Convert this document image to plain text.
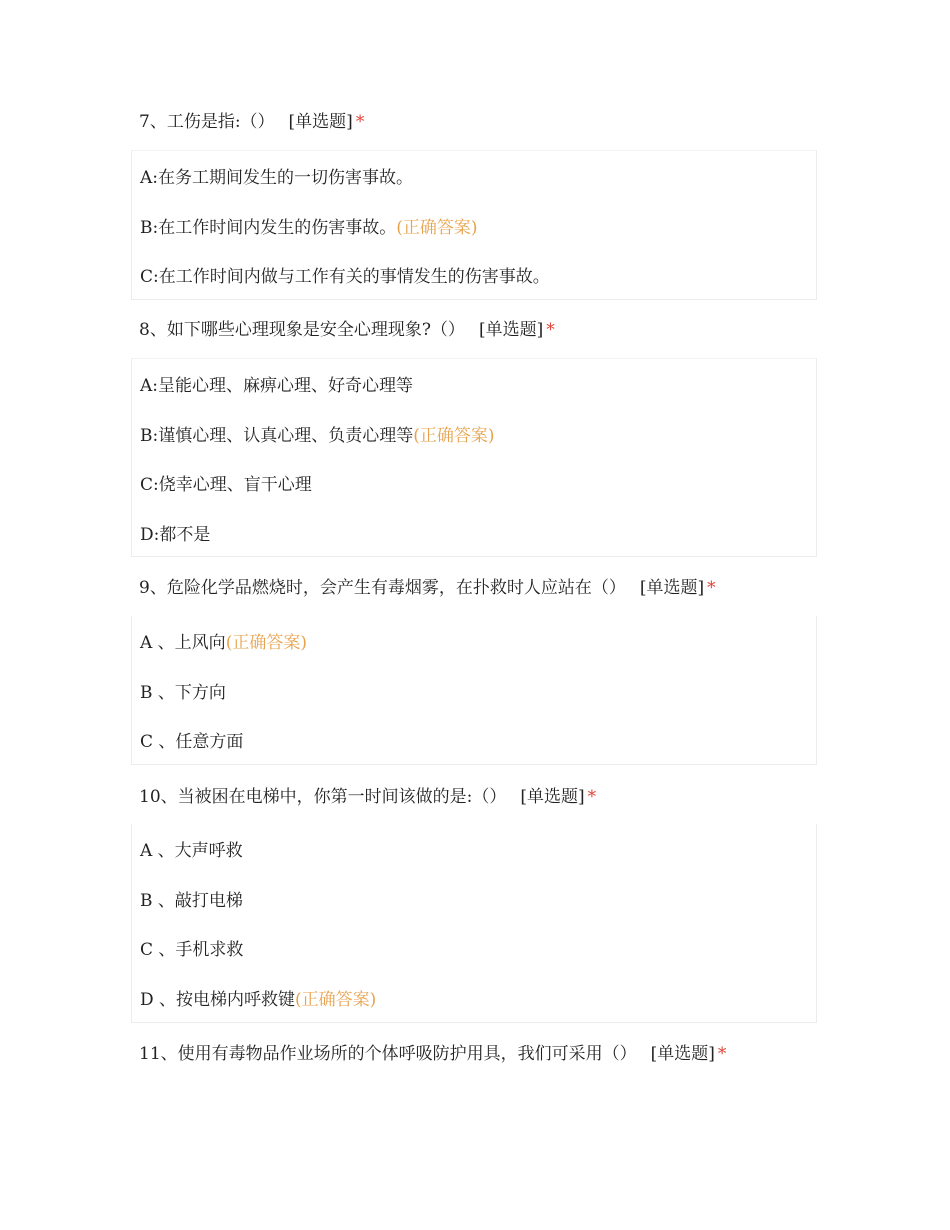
7、工伤是指:（） [单选题] *
A:在务工期间发生的一切伤害事故。
B:在工作时间内发生的伤害事故。(正确答案)
C:在工作时间内做与工作有关的事情发生的伤害事故。
8、如下哪些心理现象是安全心理现象?（） [单选题] *
A:呈能心理、麻痹心理、好奇心理等
B:谨慎心理、认真心理、负责心理等(正确答案)
C:侥幸心理、盲干心理
D:都不是
9、危险化学品燃烧时，会产生有毒烟雾，在扑救时人应站在（） [单选题] *
A 、上风向(正确答案)
B 、下方向
C 、任意方面
10、当被困在电梯中，你第一时间该做的是:（） [单选题] *
A 、大声呼救
B 、敲打电梯
C 、手机求救
D 、按电梯内呼救键(正确答案)
11、使用有毒物品作业场所的个体呼吸防护用具，我们可采用（） [单选题] *
